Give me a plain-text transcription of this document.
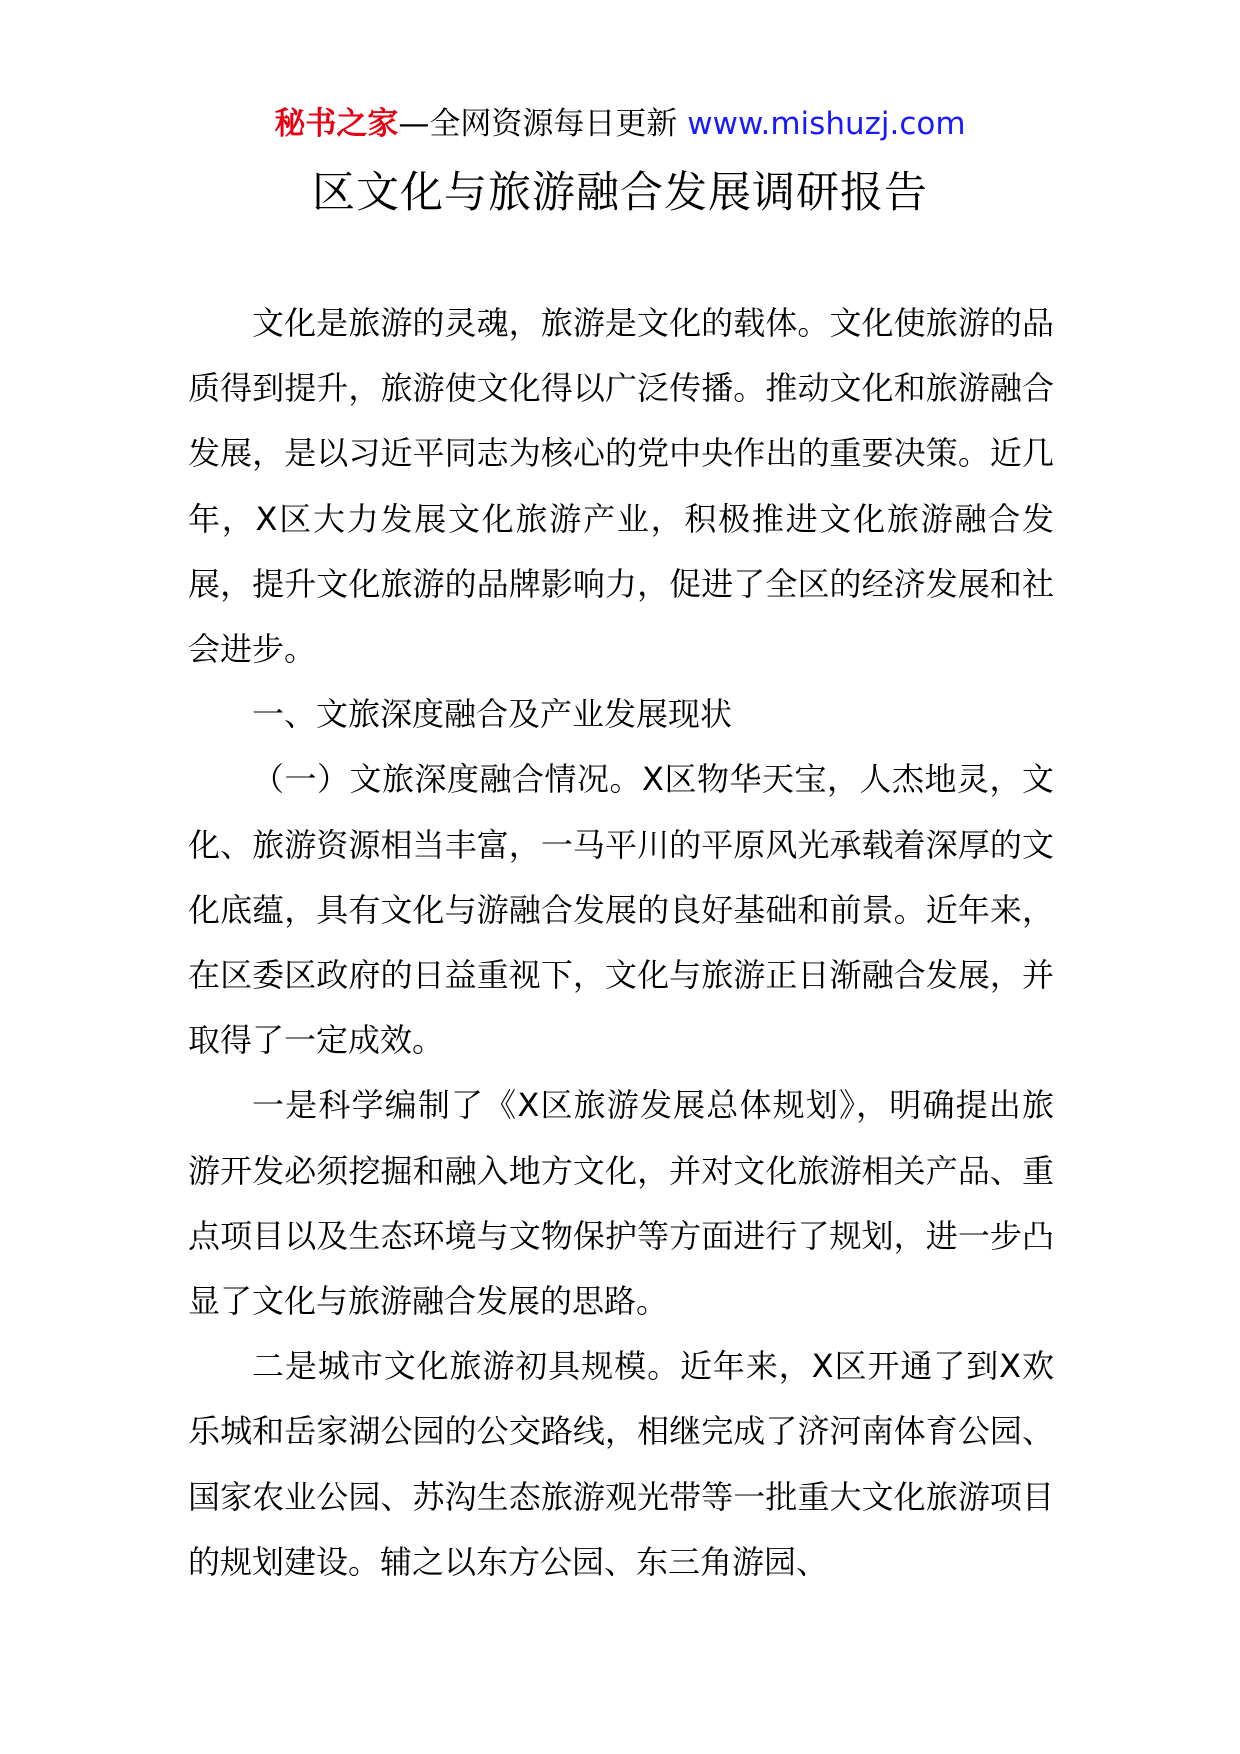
秘书之家—全网资源每日更新 www.mishuzj.com
区文化与旅游融合发展调研报告

文化是旅游的灵魂，旅游是文化的载体。文化使旅游的品质得到提升，旅游使文化得以广泛传播。推动文化和旅游融合发展，是以习近平同志为核心的党中央作出的重要决策。近几年，X区大力发展文化旅游产业，积极推进文化旅游融合发展，提升文化旅游的品牌影响力，促进了全区的经济发展和社会进步。

一、文旅深度融合及产业发展现状

（一）文旅深度融合情况。X区物华天宝，人杰地灵，文化、旅游资源相当丰富，一马平川的平原风光承载着深厚的文化底蕴，具有文化与游融合发展的良好基础和前景。近年来，在区委区政府的日益重视下，文化与旅游正日渐融合发展，并取得了一定成效。

一是科学编制了《X区旅游发展总体规划》，明确提出旅游开发必须挖掘和融入地方文化，并对文化旅游相关产品、重点项目以及生态环境与文物保护等方面进行了规划，进一步凸显了文化与旅游融合发展的思路。

二是城市文化旅游初具规模。近年来，X区开通了到X欢乐城和岳家湖公园的公交路线，相继完成了济河南体育公园、国家农业公园、苏沟生态旅游观光带等一批重大文化旅游项目的规划建设。辅之以东方公园、东三角游园、
